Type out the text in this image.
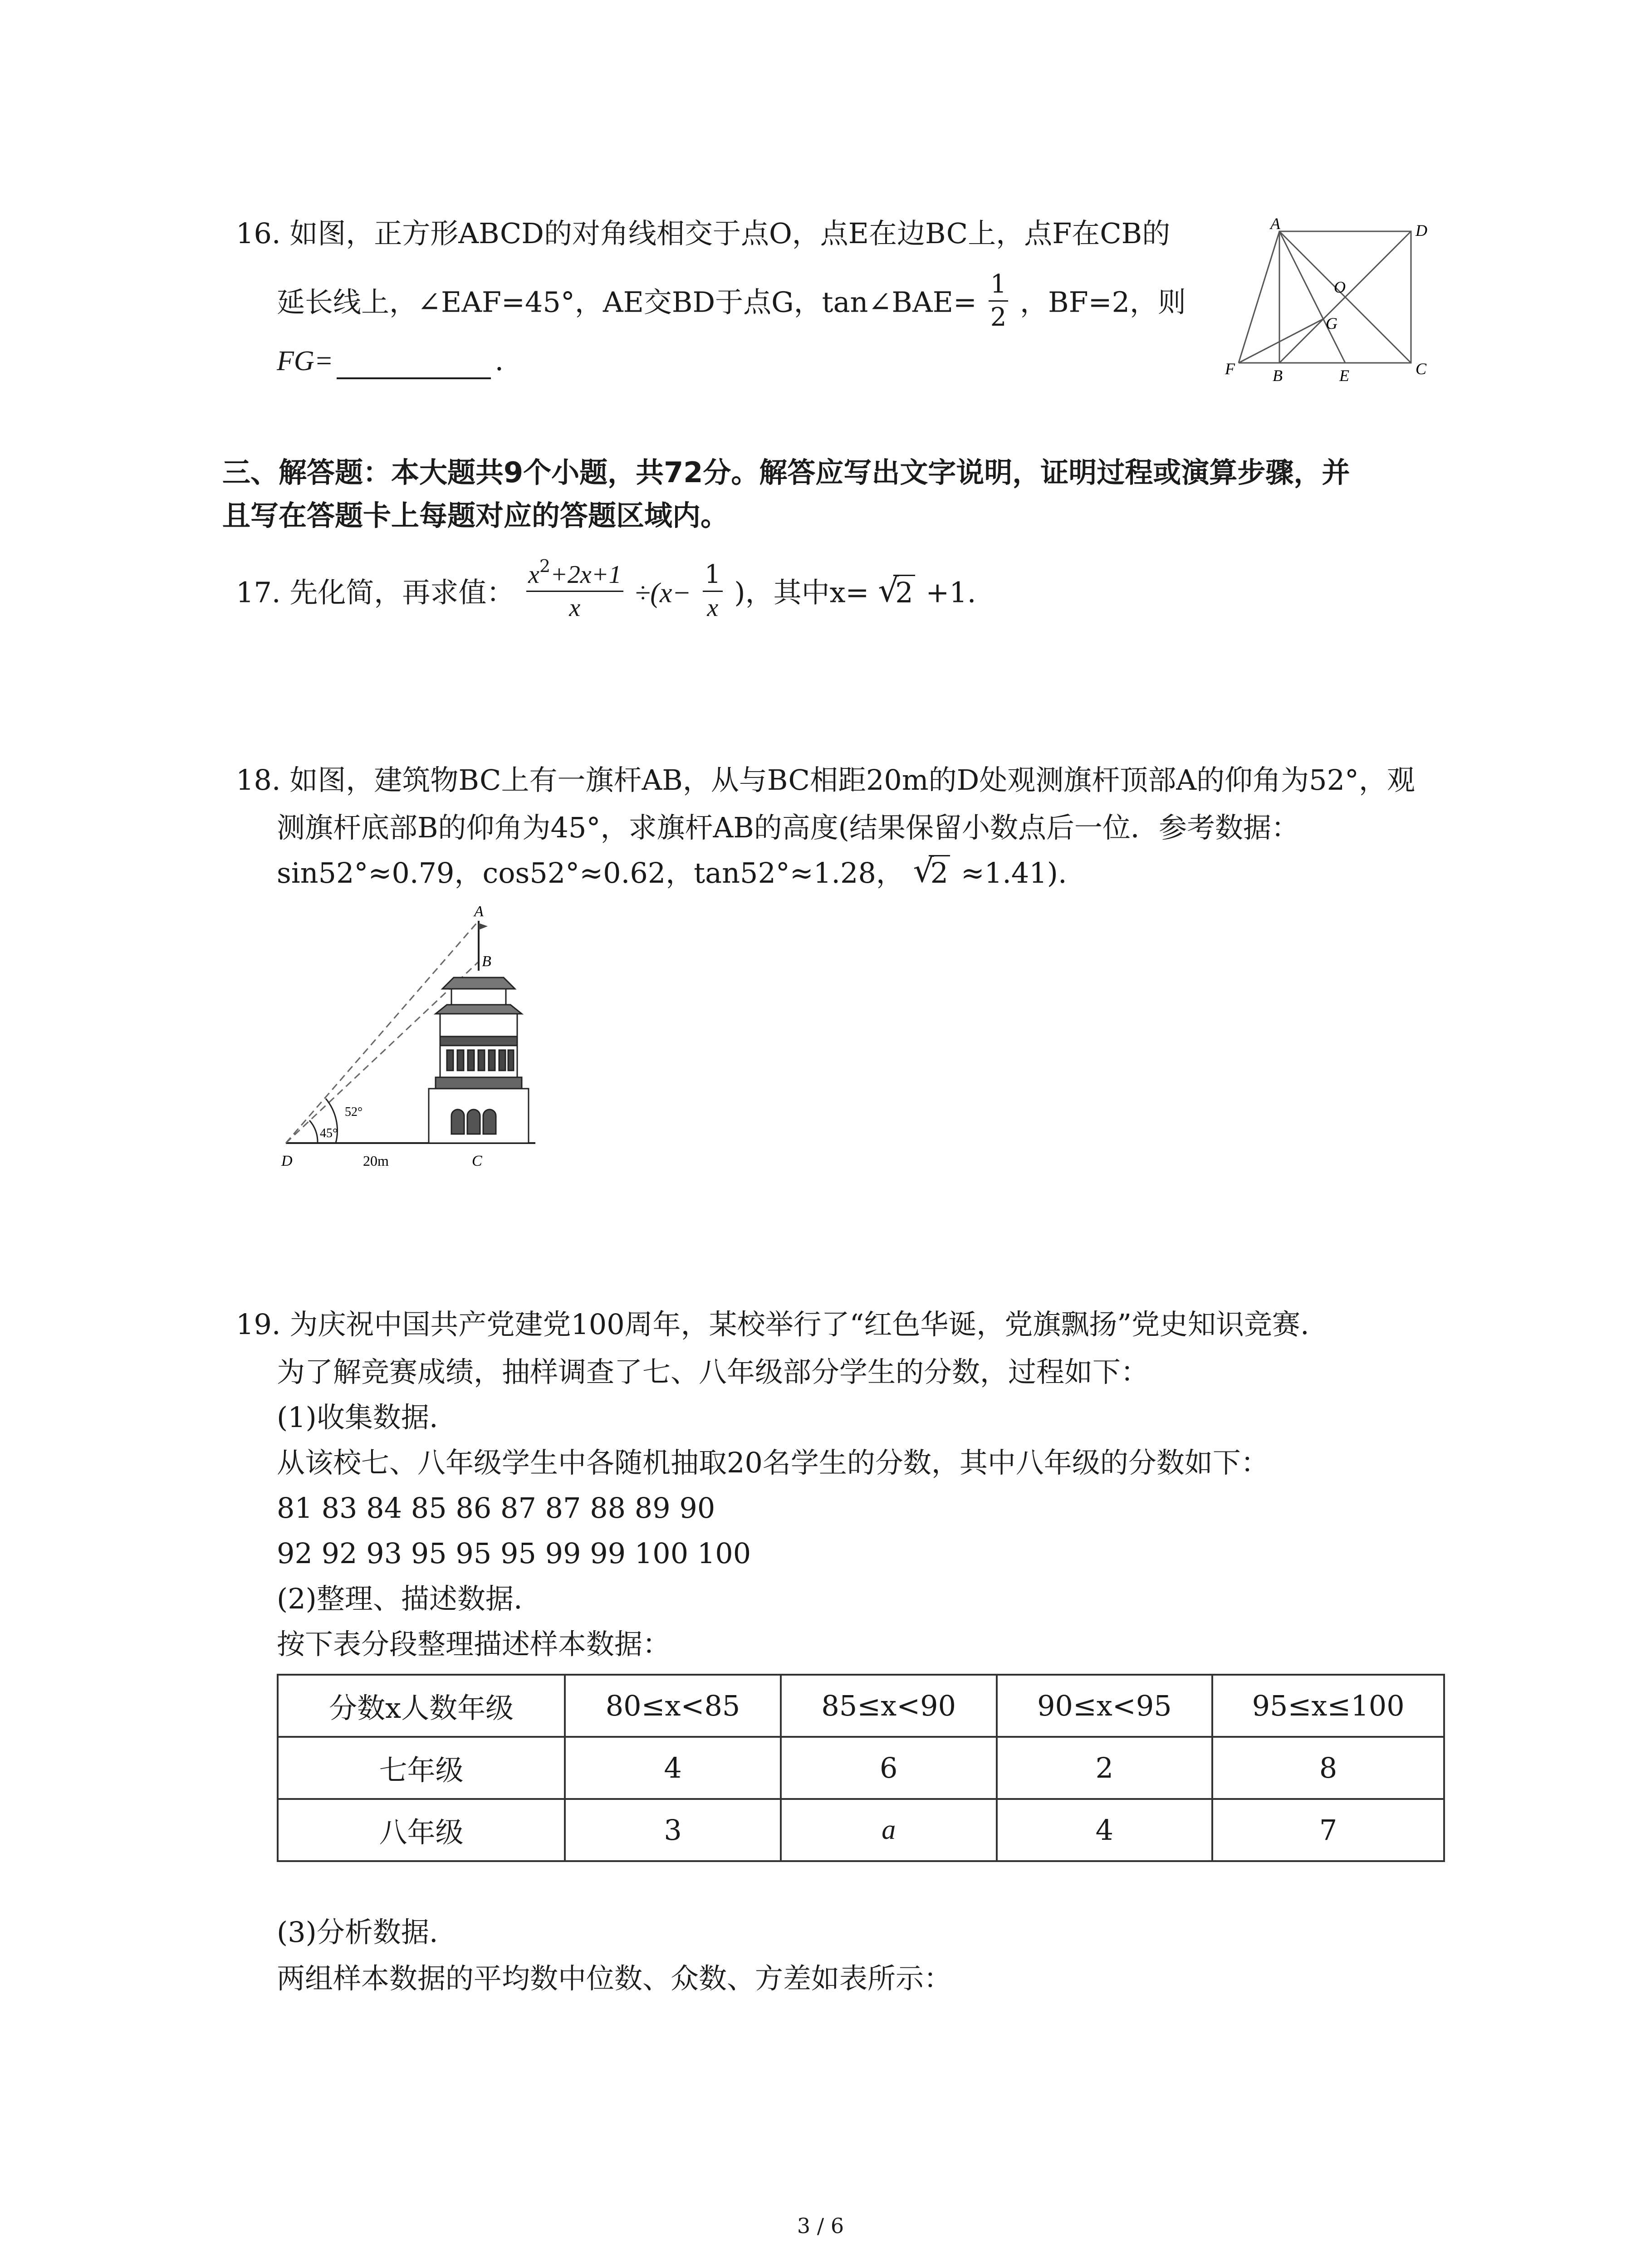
16. 如图，正方形ABCD的对角线相交于点O，点E在边BC上，点F在CB的
延长线上，∠EAF=45°，AE交BD于点G，tan∠BAE= $\frac{1}{2}$ ，BF=2，则
FG=	.
A	D
O
G
F B	E	C
三、解答题：本大题共9个小题，共72分。解答应写出文字说明，证明过程或演算步骤，并
且写在答题卡上每题对应的答题区域内。
17. 先化简，再求值： $\frac{x^2+2x+1}{x} \div(x- \frac{1}{x}$ )，其中x= √ 2 +1.
18. 如图，建筑物BC上有一旗杆AB，从与BC相距20m的D处观测旗杆顶部A的仰角为52°，观
测旗杆底部B的仰角为45°，求旗杆AB的高度(结果保留小数点后一位．参考数据：
sin52°≈0.79，cos52°≈0.62，tan52°≈1.28， √ 2 ≈1.41).
A
B
C
D
52°
45°
20m
19. 为庆祝中国共产党建党100周年，某校举行了“红色华诞，党旗飘扬”党史知识竞赛.
为了解竞赛成绩，抽样调查了七、八年级部分学生的分数，过程如下：
(1)收集数据.
从该校七、八年级学生中各随机抽取20名学生的分数，其中八年级的分数如下：
81 83 84 85 86 87 87 88 89 90
92 92 93 95 95 95 99 99 100 100
(2)整理、描述数据.
按下表分段整理描述样本数据：
分数x人数年级	80≤x<85	85≤x<90	90≤x<95	95≤x≤100
七年级	4	6	2	8
八年级	3	a	4	7
(3)分析数据.
两组样本数据的平均数中位数、众数、方差如表所示：
3 / 6
